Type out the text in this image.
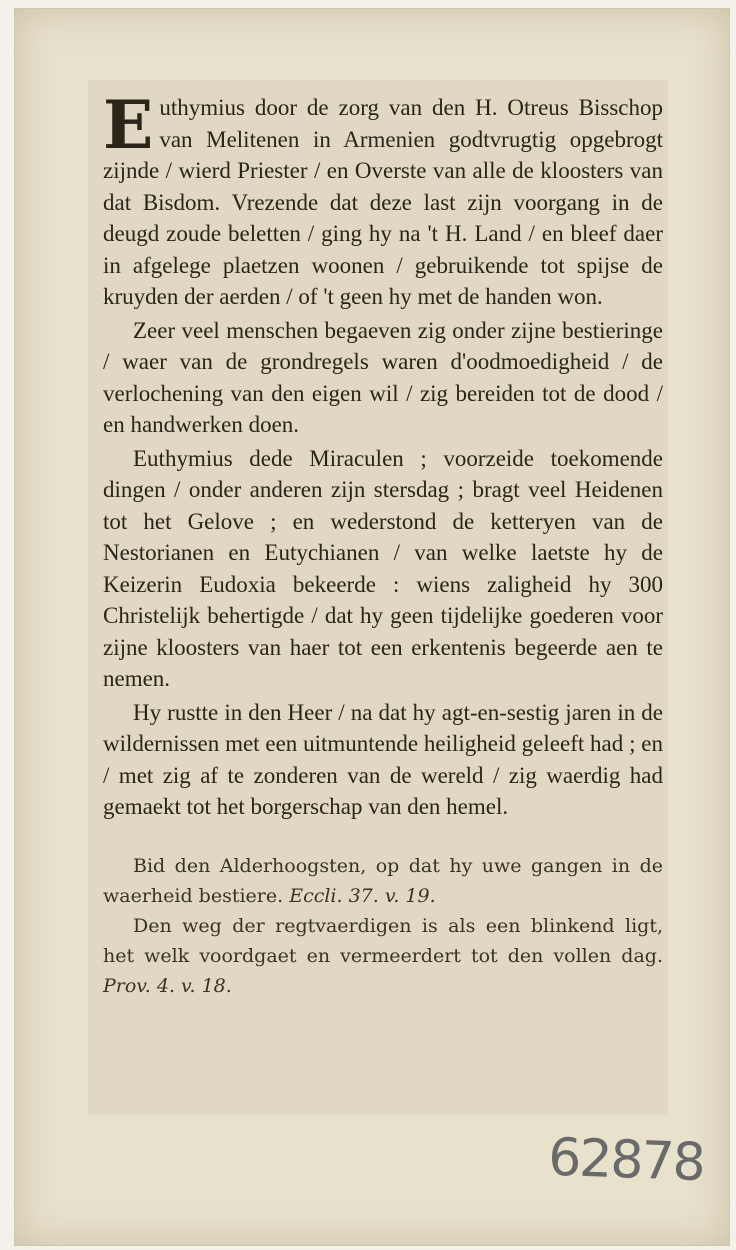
Euthymius door de zorg van den H. Otreus Bisschop van Melitenen in Armenien godtvrugtig opgebrogt zijnde / wierd Priester / en Overste van alle de kloosters van dat Bisdom. Vrezende dat deze last zijn voorgang in de deugd zoude beletten / ging hy na 't H. Land / en bleef daer in afgelege plaetzen woonen / gebruikende tot spijse de kruyden der aerden / of 't geen hy met de handen won.

Zeer veel menschen begaeven zig onder zijne bestieringe / waer van de grondregels waren d'oodmoedigheid / de verlochening van den eigen wil / zig bereiden tot de dood / en handwerken doen.

Euthymius dede Miraculen ; voorzeide toekomende dingen / onder anderen zijn stersdag ; bragt veel Heidenen tot het Gelove ; en wederstond de ketteryen van de Nestorianen en Eutychianen / van welke laetste hy de Keizerin Eudoxia bekeerde : wiens zaligheid hy 300 Christelijk behertigde / dat hy geen tijdelijke goederen voor zijne kloosters van haer tot een erkentenis begeerde aen te nemen.

Hy rustte in den Heer / na dat hy agt-en-sestig jaren in de wildernissen met een uitmuntende heiligheid geleeft had ; en / met zig af te zonderen van de wereld / zig waerdig had gemaekt tot het borgerschap van den hemel.

Bid den Alderhoogsten, op dat hy uwe gangen in de waerheid bestiere. Eccli. 37. v. 19.

Den weg der regtvaerdigen is als een blinkend ligt, het welk voordgaet en vermeerdert tot den vollen dag. Prov. 4. v. 18.

62878
